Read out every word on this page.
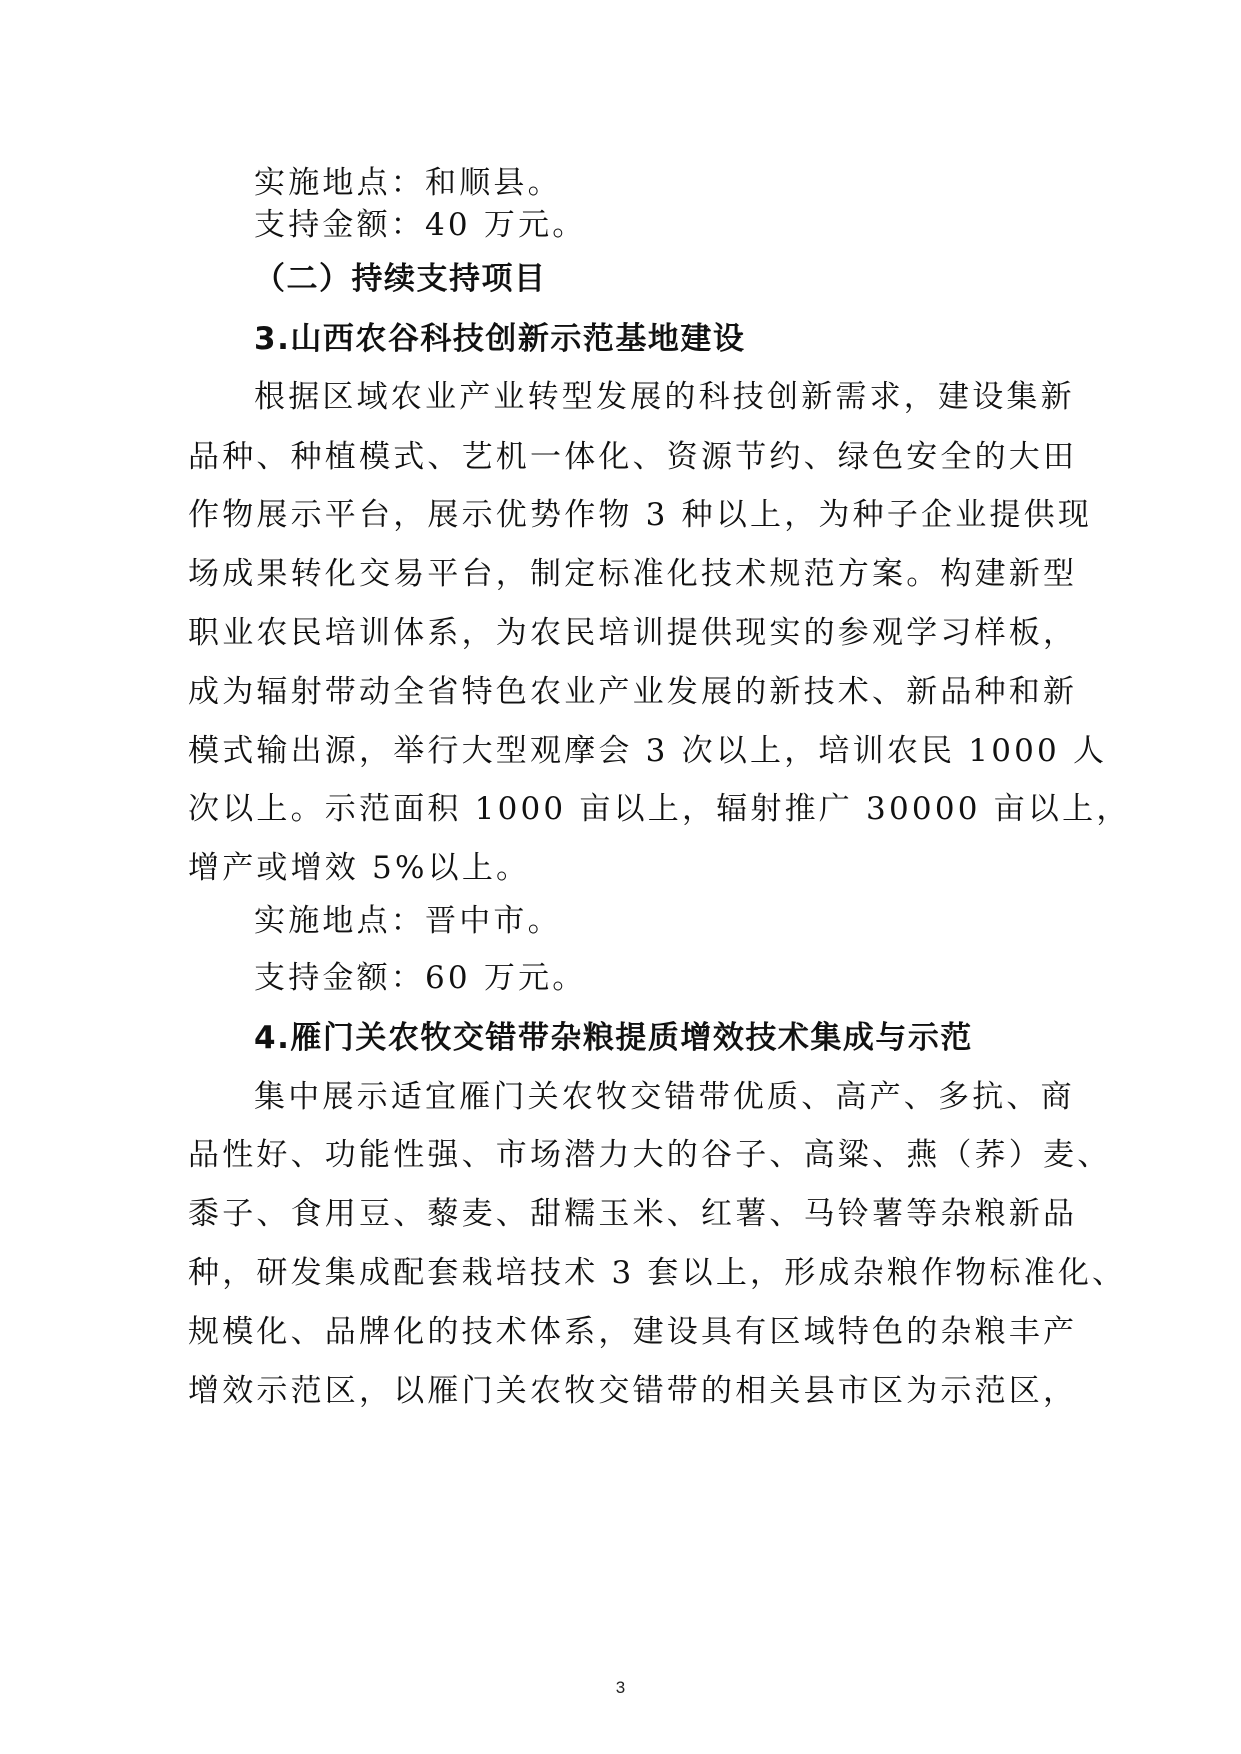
实施地点：和顺县。
支持金额：40 万元。
（二）持续支持项目
3.山西农谷科技创新示范基地建设
根据区域农业产业转型发展的科技创新需求，建设集新
品种、种植模式、艺机一体化、资源节约、绿色安全的大田
作物展示平台，展示优势作物 3 种以上，为种子企业提供现
场成果转化交易平台，制定标准化技术规范方案。构建新型
职业农民培训体系，为农民培训提供现实的参观学习样板，
成为辐射带动全省特色农业产业发展的新技术、新品种和新
模式输出源，举行大型观摩会 3 次以上，培训农民 1000 人
次以上。示范面积 1000 亩以上，辐射推广 30000 亩以上，
增产或增效 5%以上。
实施地点：晋中市。
支持金额：60 万元。
4.雁门关农牧交错带杂粮提质增效技术集成与示范
集中展示适宜雁门关农牧交错带优质、高产、多抗、商
品性好、功能性强、市场潜力大的谷子、高粱、燕（荞）麦、
黍子、食用豆、藜麦、甜糯玉米、红薯、马铃薯等杂粮新品
种，研发集成配套栽培技术 3 套以上，形成杂粮作物标准化、
规模化、品牌化的技术体系，建设具有区域特色的杂粮丰产
增效示范区，以雁门关农牧交错带的相关县市区为示范区，
3
